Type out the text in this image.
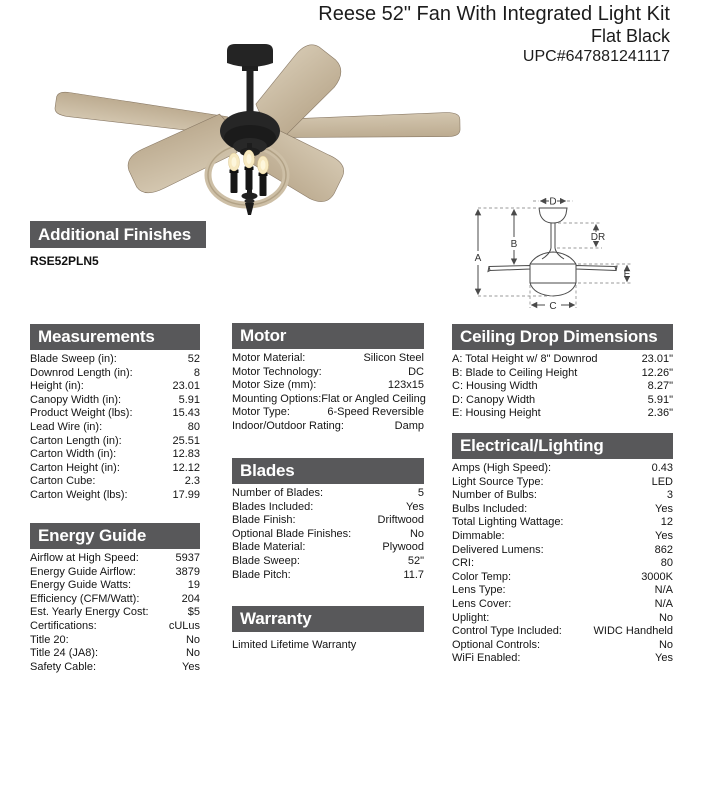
Reese 52" Fan With Integrated Light Kit
Flat Black
UPC#647881241117
Additional Finishes
RSE52PLN5	A
B
C
D
E
DR
Measurements
Blade Sweep (in):	52
Downrod Length (in):	8
Height (in):	23.01
Canopy Width (in):	5.91
Product Weight (lbs):	15.43
Lead Wire (in):	80
Carton Length (in):	25.51
Carton Width (in):	12.83
Carton Height (in):	12.12
Carton Cube:	2.3
Carton Weight (lbs):	17.99
Energy Guide
Airflow at High Speed:	5937
Energy Guide Airflow:	3879
Energy Guide Watts:	19
Efficiency (CFM/Watt):	204
Est. Yearly Energy Cost:	$5
Certifications:	cULus
Title 20:	No
Title 24 (JA8):	No
Safety Cable:	Yes
Motor
Motor Material:	Silicon Steel
Motor Technology:	DC
Motor Size (mm):	123x15
Mounting Options: Flat or Angled Ceiling
Motor Type:	6-Speed Reversible
Indoor/Outdoor Rating:	Damp
Blades
Number of Blades:	5
Blades Included:	Yes
Blade Finish:	Driftwood
Optional Blade Finishes:	No
Blade Material:	Plywood
Blade Sweep:	52"
Blade Pitch:	11.7
Warranty
Limited Lifetime Warranty
Ceiling Drop Dimensions
A: Total Height w/ 8" Downrod	23.01"
B: Blade to Ceiling Height	12.26"
C: Housing Width	8.27"
D: Canopy Width	5.91"
E: Housing Height	2.36"
Electrical/Lighting
Amps (High Speed):	0.43
Light Source Type:	LED
Number of Bulbs:	3
Bulbs Included:	Yes
Total Lighting Wattage:	12
Dimmable:	Yes
Delivered Lumens:	862
CRI:	80
Color Temp:	3000K
Lens Type:	N/A
Lens Cover:	N/A
Uplight:	No
Control Type Included:	WIDC Handheld
Optional Controls:	No
WiFi Enabled:	Yes
